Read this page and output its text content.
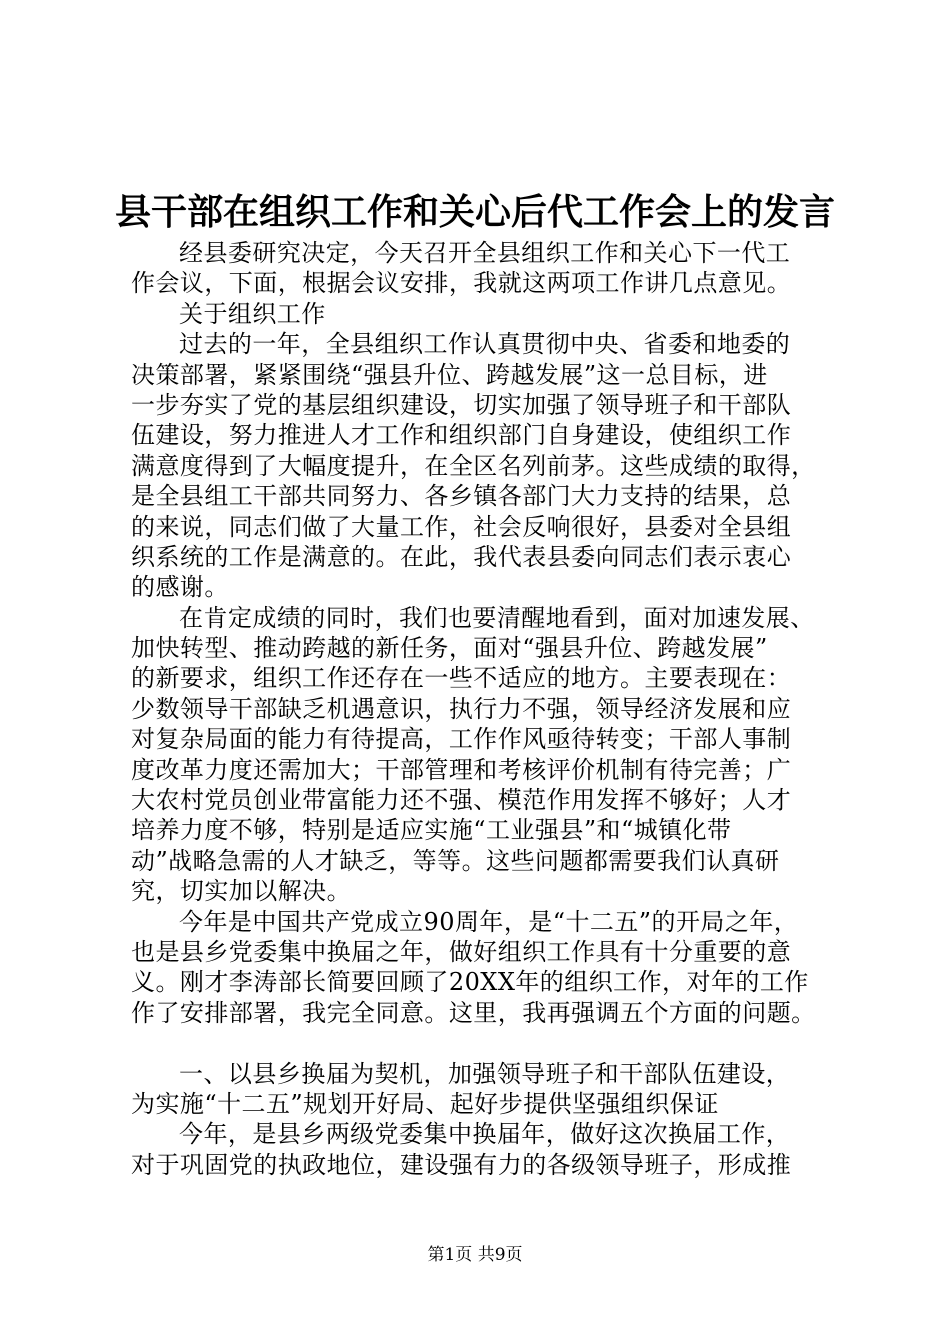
县干部在组织工作和关心后代工作会上的发言
经县委研究决定，今天召开全县组织工作和关心下一代工
作会议，下面，根据会议安排，我就这两项工作讲几点意见。
关于组织工作
过去的一年，全县组织工作认真贯彻中央、省委和地委的
决策部署，紧紧围绕“强县升位、跨越发展”这一总目标，进
一步夯实了党的基层组织建设，切实加强了领导班子和干部队
伍建设，努力推进人才工作和组织部门自身建设，使组织工作
满意度得到了大幅度提升，在全区名列前茅。这些成绩的取得，
是全县组工干部共同努力、各乡镇各部门大力支持的结果，总
的来说，同志们做了大量工作，社会反响很好，县委对全县组
织系统的工作是满意的。在此，我代表县委向同志们表示衷心
的感谢。
在肯定成绩的同时，我们也要清醒地看到，面对加速发展、
加快转型、推动跨越的新任务，面对“强县升位、跨越发展”
的新要求，组织工作还存在一些不适应的地方。主要表现在：
少数领导干部缺乏机遇意识，执行力不强，领导经济发展和应
对复杂局面的能力有待提高，工作作风亟待转变；干部人事制
度改革力度还需加大；干部管理和考核评价机制有待完善；广
大农村党员创业带富能力还不强、模范作用发挥不够好；人才
培养力度不够，特别是适应实施“工业强县”和“城镇化带
动”战略急需的人才缺乏，等等。这些问题都需要我们认真研
究，切实加以解决。
今年是中国共产党成立90周年，是“十二五”的开局之年，
也是县乡党委集中换届之年，做好组织工作具有十分重要的意
义。刚才李涛部长简要回顾了20XX年的组织工作，对年的工作
作了安排部署，我完全同意。这里，我再强调五个方面的问题。
一、以县乡换届为契机，加强领导班子和干部队伍建设，
为实施“十二五”规划开好局、起好步提供坚强组织保证
今年，是县乡两级党委集中换届年，做好这次换届工作，
对于巩固党的执政地位，建设强有力的各级领导班子，形成推
第1页 共9页
